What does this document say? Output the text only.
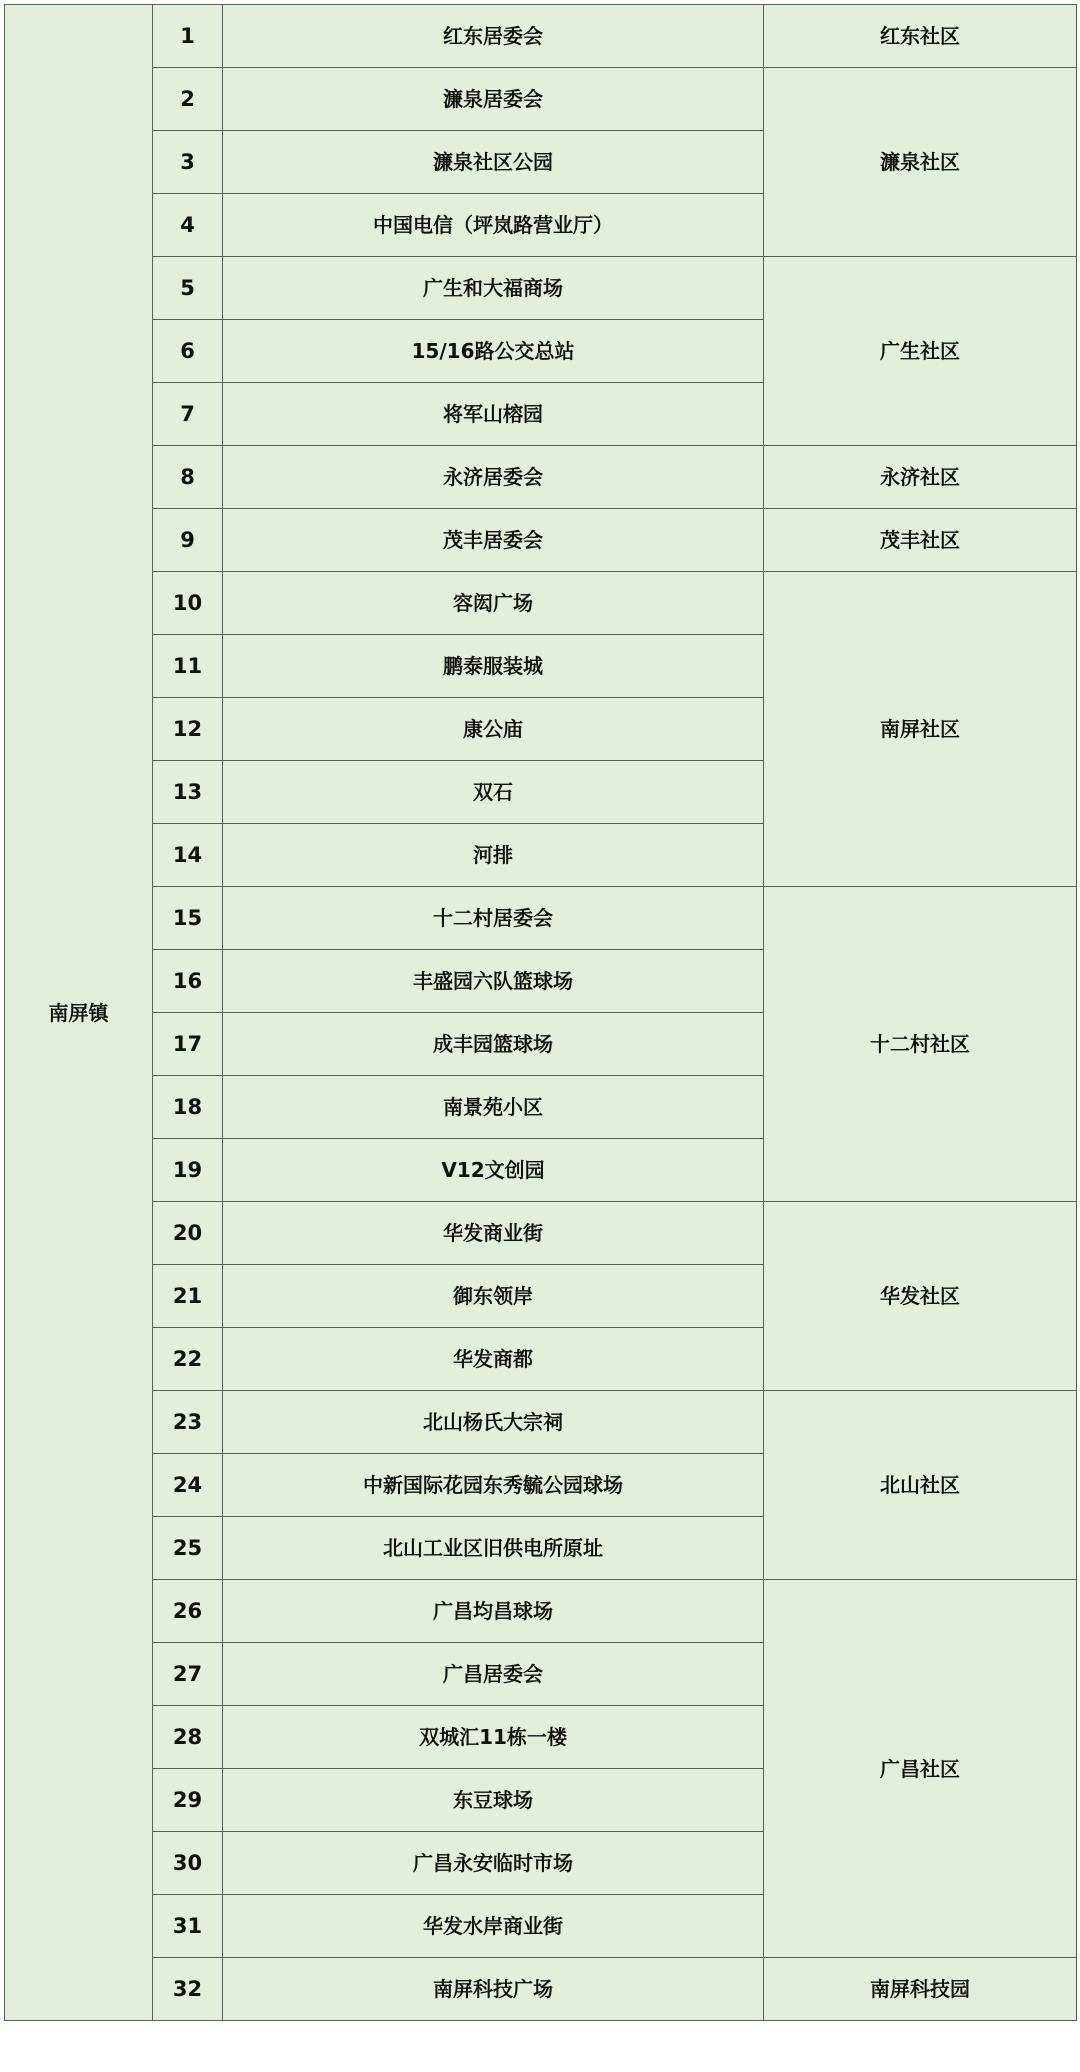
南屏镇	1	红东居委会	红东社区
	2	濂泉居委会	濂泉社区
	3	濂泉社区公园	
	4	中国电信（坪岚路营业厅）	
	5	广生和大福商场	广生社区
	6	15/16路公交总站	
	7	将军山榕园	
	8	永济居委会	永济社区
	9	茂丰居委会	茂丰社区
	10	容闳广场	南屏社区
	11	鹏泰服装城	
	12	康公庙	
	13	双石	
	14	河排	
	15	十二村居委会	十二村社区
	16	丰盛园六队篮球场	
	17	成丰园篮球场	
	18	南景苑小区	
	19	V12文创园	
	20	华发商业街	华发社区
	21	御东领岸	
	22	华发商都	
	23	北山杨氏大宗祠	北山社区
	24	中新国际花园东秀毓公园球场	
	25	北山工业区旧供电所原址	
	26	广昌均昌球场	广昌社区
	27	广昌居委会	
	28	双城汇11栋一楼	
	29	东豆球场	
	30	广昌永安临时市场	
	31	华发水岸商业街	
	32	南屏科技广场	南屏科技园
